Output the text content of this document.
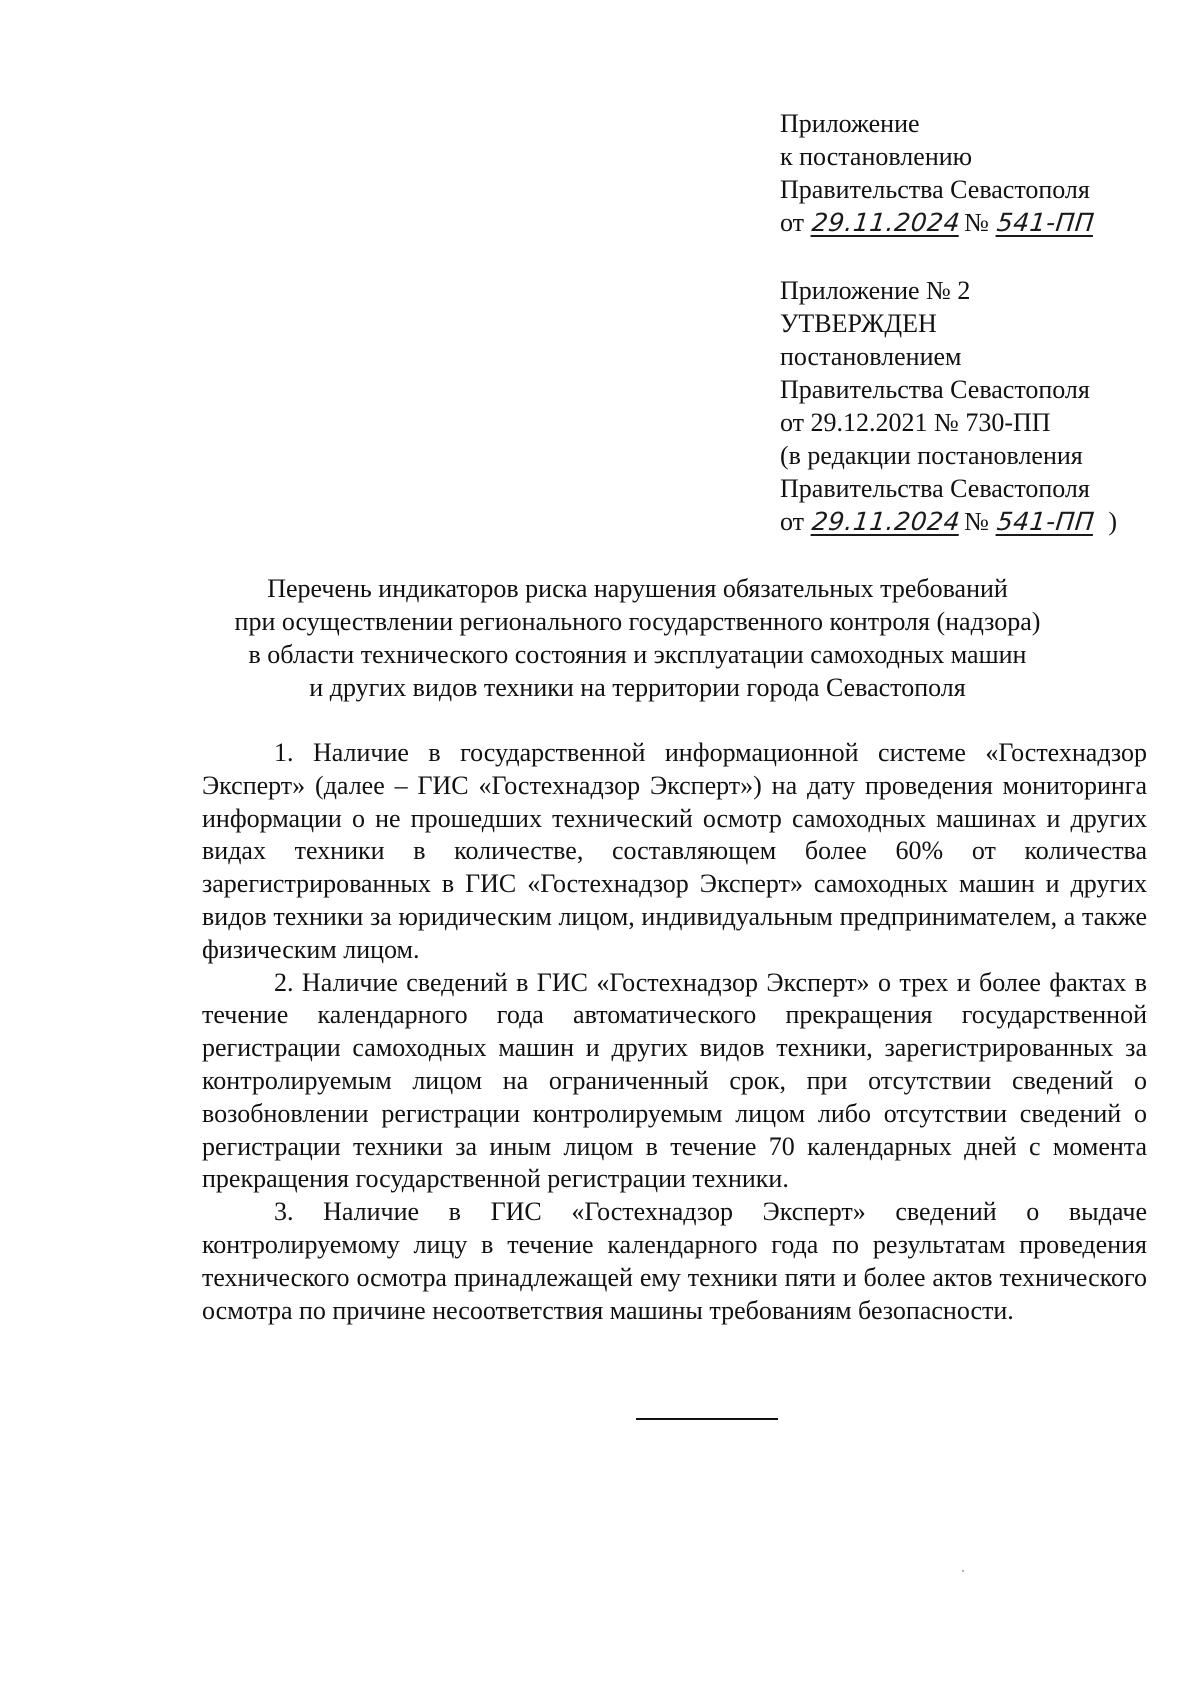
Приложение
к постановлению
Правительства Севастополя
от 29.11.2024№ 541-ПП
Приложение № 2
УТВЕРЖДЕН
постановлением
Правительства Севастополя
от 29.12.2021 № 730-ПП
(в редакции постановления
Правительства Севастополя
от 29.11.2024№ 541-ПП )
Перечень индикаторов риска нарушения обязательных требований
при осуществлении регионального государственного контроля (надзора)
в области технического состояния и эксплуатации самоходных машин
и других видов техники на территории города Севастополя

1. Наличие в государственной информационной системе «Гостехнадзор Эксперт» (далее – ГИС «Гостехнадзор Эксперт») на дату проведения мониторинга информации о не прошедших технический осмотр самоходных машинах и других видах техники в количестве, составляющем более 60% от количества зарегистрированных в ГИС «Гостехнадзор Эксперт» самоходных машин и других видов техники за юридическим лицом, индивидуальным предпринимателем, а также физическим лицом.

2. Наличие сведений в ГИС «Гостехнадзор Эксперт» о трех и более фактах в течение календарного года автоматического прекращения государственной регистрации самоходных машин и других видов техники, зарегистрированных за контролируемым лицом на ограниченный срок, при отсутствии сведений о возобновлении регистрации контролируемым лицом либо отсутствии сведений о регистрации техники за иным лицом в течение 70 календарных дней с момента прекращения государственной регистрации техники.

3. Наличие в ГИС «Гостехнадзор Эксперт» сведений о выдаче контролируемому лицу в течение календарного года по результатам проведения технического осмотра принадлежащей ему техники пяти и более актов технического осмотра по причине несоответствия машины требованиям безопасности.
